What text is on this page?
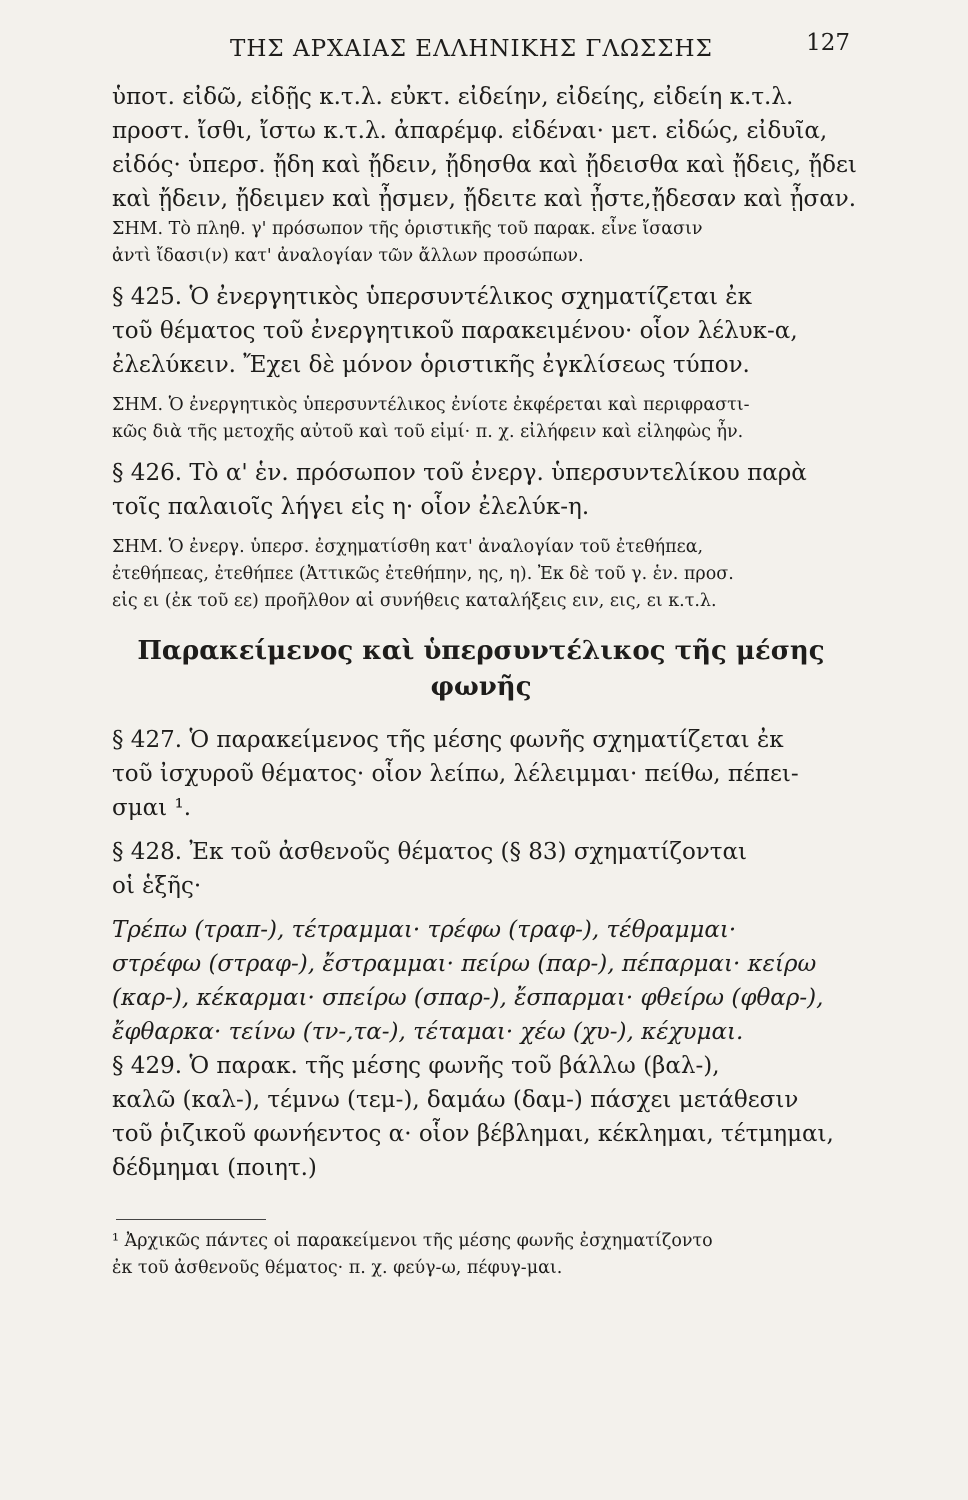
ΤΗΣ ΑΡΧΑΙΑΣ ΕΛΛΗΝΙΚΗΣ ΓΛΩΣΣΗΣ	127
ὑποτ. εἰδῶ, εἰδῇς κ.τ.λ. εὐκτ. εἰδείην, εἰδείης, εἰδείη κ.τ.λ.
προστ. ἴσθι, ἴστω κ.τ.λ. ἀπαρέμφ. εἰδέναι· μετ. εἰδώς, εἰδυῖα,
εἰδός· ὑπερσ. ᾔδη καὶ ᾔδειν, ᾔδησθα καὶ ᾔδεισθα καὶ ᾔδεις, ᾔδει
καὶ ᾔδειν, ᾔδειμεν καὶ ᾖσμεν, ᾔδειτε καὶ ᾖστε,ᾔδεσαν καὶ ᾖσαν.
ΣΗΜ. Τὸ πληθ. γ' πρόσωπον τῆς ὁριστικῆς τοῦ παρακ. εἶνε ἴσασιν
ἀντὶ ἴδασι(ν) κατ' ἀναλογίαν τῶν ἄλλων προσώπων.
§ 425. Ὁ ἐνεργητικὸς ὑπερσυντέλικος σχηματίζεται ἐκ
τοῦ θέματος τοῦ ἐνεργητικοῦ παρακειμένου· οἷον λέλυκ-α,
ἐλελύκειν. Ἔχει δὲ μόνον ὁριστικῆς ἐγκλίσεως τύπον.
ΣΗΜ. Ὁ ἐνεργητικὸς ὑπερσυντέλικος ἐνίοτε ἐκφέρεται καὶ περιφραστι-
κῶς διὰ τῆς μετοχῆς αὐτοῦ καὶ τοῦ εἰμί· π. χ. εἰλήφειν καὶ εἰληφὼς ἦν.
§ 426. Τὸ α' ἑν. πρόσωπον τοῦ ἐνεργ. ὑπερσυντελίκου παρὰ
τοῖς παλαιοῖς λήγει εἰς η· οἷον ἐλελύκ-η.
ΣΗΜ. Ὁ ἐνεργ. ὑπερσ. ἐσχηματίσθη κατ' ἀναλογίαν τοῦ ἐτεθήπεα,
ἐτεθήπεας, ἐτεθήπεε (Ἀττικῶς ἐτεθήπην, ης, η). Ἐκ δὲ τοῦ γ. ἑν. προσ.
εἰς ει (ἐκ τοῦ εε) προῆλθον αἱ συνήθεις καταλήξεις ειν, εις, ει κ.τ.λ.
Παρακείμενος καὶ ὑπερσυντέλικος τῆς μέσης
φωνῆς
§ 427. Ὁ παρακείμενος τῆς μέσης φωνῆς σχηματίζεται ἐκ
τοῦ ἰσχυροῦ θέματος· οἷον λείπω, λέλειμμαι· πείθω, πέπει-
σμαι ¹.
§ 428. Ἐκ τοῦ ἀσθενοῦς θέματος (§ 83) σχηματίζονται
οἱ ἑξῆς·
Τρέπω (τραπ-), τέτραμμαι· τρέφω (τραφ-), τέθραμμαι·
στρέφω (στραφ-), ἔστραμμαι· πείρω (παρ-), πέπαρμαι· κείρω
(καρ-), κέκαρμαι· σπείρω (σπαρ-), ἔσπαρμαι· φθείρω (φθαρ-),
ἔφθαρκα· τείνω (τν-,τα-), τέταμαι· χέω (χυ-), κέχυμαι.
§ 429. Ὁ παρακ. τῆς μέσης φωνῆς τοῦ βάλλω (βαλ-),
καλῶ (καλ-), τέμνω (τεμ-), δαμάω (δαμ-) πάσχει μετάθεσιν
τοῦ ῥιζικοῦ φωνήεντος α· οἷον βέβλημαι, κέκλημαι, τέτμημαι,
δέδμημαι (ποιητ.)
¹ Ἀρχικῶς πάντες οἱ παρακείμενοι τῆς μέσης φωνῆς ἐσχηματίζοντο
ἐκ τοῦ ἀσθενοῦς θέματος· π. χ. φεύγ-ω, πέφυγ-μαι.
